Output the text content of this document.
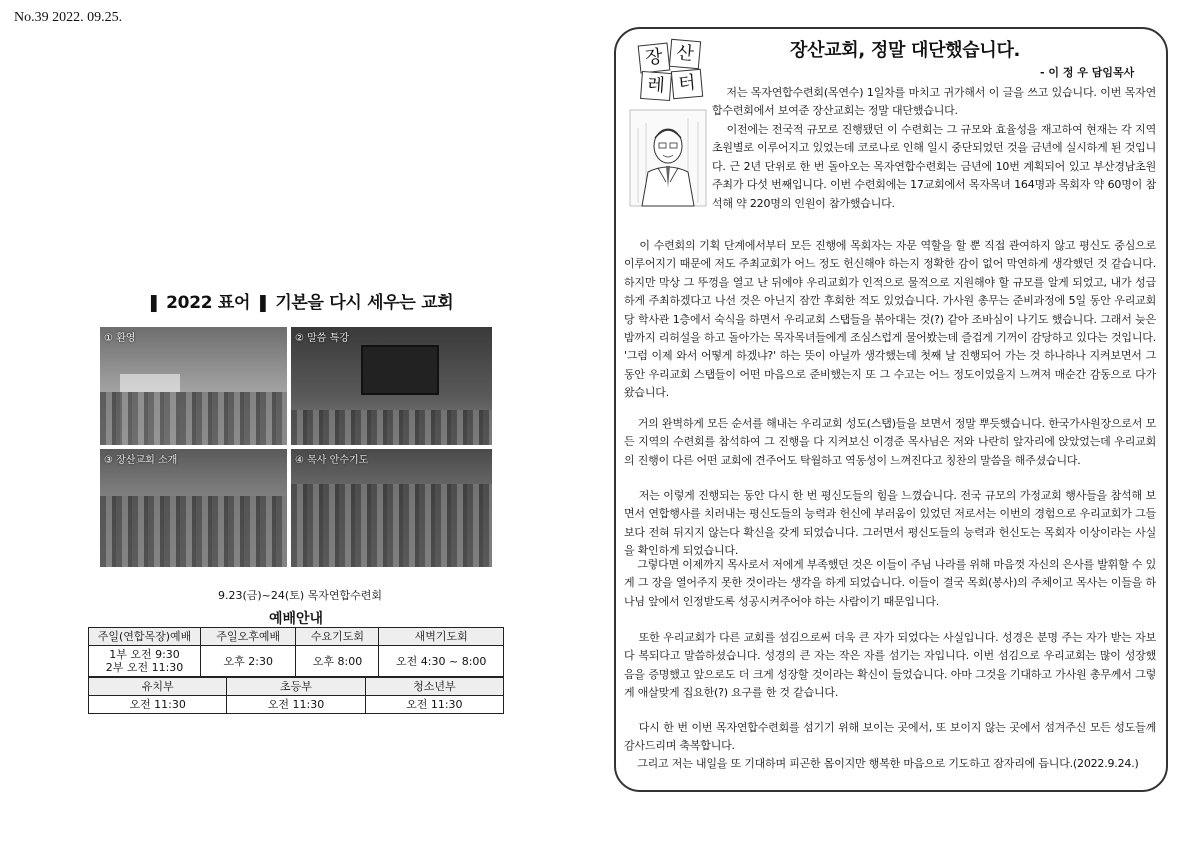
No.39 2022. 09.25.
❚ 2022 표어 ❚ 기본을 다시 세우는 교회
① 환영	② 말씀 특강
③ 장산교회 소개	④ 목사 안수기도
9.23(금)~24(토) 목자연합수련회
예배안내
주일(연합목장)예배	주일오후예배	수요기도회	새벽기도회
1부 오전 9:30
2부 오전 11:30	오후 2:30	오후 8:00	오전 4:30 ~ 8:00
유치부	초등부	청소년부
오전 11:30	오전 11:30	오전 11:30
장 산
레 터
장산교회, 정말 대단했습니다.
- 이 정 우 담임목사
저는 목자연합수련회(목연수) 1일차를 마치고 귀가해서 이 글을 쓰고 있습니다. 이번 목자연합수련회에서 보여준 장산교회는 정말 대단했습니다.
이전에는 전국적 규모로 진행됐던 이 수련회는 그 규모와 효율성을 재고하여 현재는 각 지역 초원별로 이루어지고 있었는데 코로나로 인해 일시 중단되었던 것을 금년에 실시하게 된 것입니다. 근 2년 단위로 한 번 돌아오는 목자연합수련회는 금년에 10번 계획되어 있고 부산경남초원주최가 다섯 번째입니다. 이번 수련회에는 17교회에서 목자목녀 164명과 목회자 약 60명이 참석해 약 220명의 인원이 참가했습니다.
이 수련회의 기획 단계에서부터 모든 진행에 목회자는 자문 역할을 할 뿐 직접 관여하지 않고 평신도 중심으로 이루어지기 때문에 저도 주최교회가 어느 정도 헌신해야 하는지 정확한 감이 없어 막연하게 생각했던 것 같습니다. 하지만 막상 그 뚜껑을 열고 난 뒤에야 우리교회가 인적으로 물적으로 지원해야 할 규모를 알게 되었고, 내가 성급하게 주최하겠다고 나선 것은 아닌지 잠깐 후회한 적도 있었습니다. 가사원 총무는 준비과정에 5일 동안 우리교회당 학사관 1층에서 숙식을 하면서 우리교회 스탭들을 볶아대는 것(?) 같아 조바심이 나기도 했습니다. 그래서 늦은 밤까지 리허설을 하고 돌아가는 목자목녀들에게 조심스럽게 물어봤는데 즐겁게 기꺼이 감당하고 있다는 것입니다. '그럼 이제 와서 어떻게 하겠냐?' 하는 뜻이 아닐까 생각했는데 첫째 날 진행되어 가는 것 하나하나 지켜보면서 그동안 우리교회 스탭들이 어떤 마음으로 준비했는지 또 그 수고는 어느 정도이었을지 느껴져 매순간 감동으로 다가왔습니다.
거의 완벽하게 모든 순서를 해내는 우리교회 성도(스탭)들을 보면서 정말 뿌듯했습니다. 한국가사원장으로서 모든 지역의 수련회를 참석하여 그 진행을 다 지켜보신 이경준 목사님은 저와 나란히 앞자리에 앉았었는데 우리교회의 진행이 다른 어떤 교회에 견주어도 탁월하고 역동성이 느껴진다고 칭찬의 말씀을 해주셨습니다.
저는 이렇게 진행되는 동안 다시 한 번 평신도들의 힘을 느꼈습니다. 전국 규모의 가정교회 행사들을 참석해 보면서 연합행사를 치러내는 평신도들의 능력과 헌신에 부러움이 있었던 저로서는 이번의 경험으로 우리교회가 그들보다 전혀 뒤지지 않는다 확신을 갖게 되었습니다. 그러면서 평신도들의 능력과 헌신도는 목회자 이상이라는 사실을 확인하게 되었습니다.
그렇다면 이제까지 목사로서 저에게 부족했던 것은 이들이 주님 나라를 위해 마음껏 자신의 은사를 발휘할 수 있게 그 장을 열어주지 못한 것이라는 생각을 하게 되었습니다. 이들이 결국 목회(봉사)의 주체이고 목사는 이들을 하나님 앞에서 인정받도록 성공시켜주어야 하는 사람이기 때문입니다.
또한 우리교회가 다른 교회를 섬김으로써 더욱 큰 자가 되었다는 사실입니다. 성경은 분명 주는 자가 받는 자보다 복되다고 말씀하셨습니다. 성경의 큰 자는 작은 자를 섬기는 자입니다. 이번 섬김으로 우리교회는 많이 성장했음을 증명했고 앞으로도 더 크게 성장할 것이라는 확신이 들었습니다. 아마 그것을 기대하고 가사원 총무께서 그렇게 애살맞게 집요한(?) 요구를 한 것 같습니다.
다시 한 번 이번 목자연합수련회를 섬기기 위해 보이는 곳에서, 또 보이지 않는 곳에서 섬겨주신 모든 성도들께 감사드리며 축복합니다.
그리고 저는 내일을 또 기대하며 피곤한 몸이지만 행복한 마음으로 기도하고 잠자리에 듭니다.(2022.9.24.)
